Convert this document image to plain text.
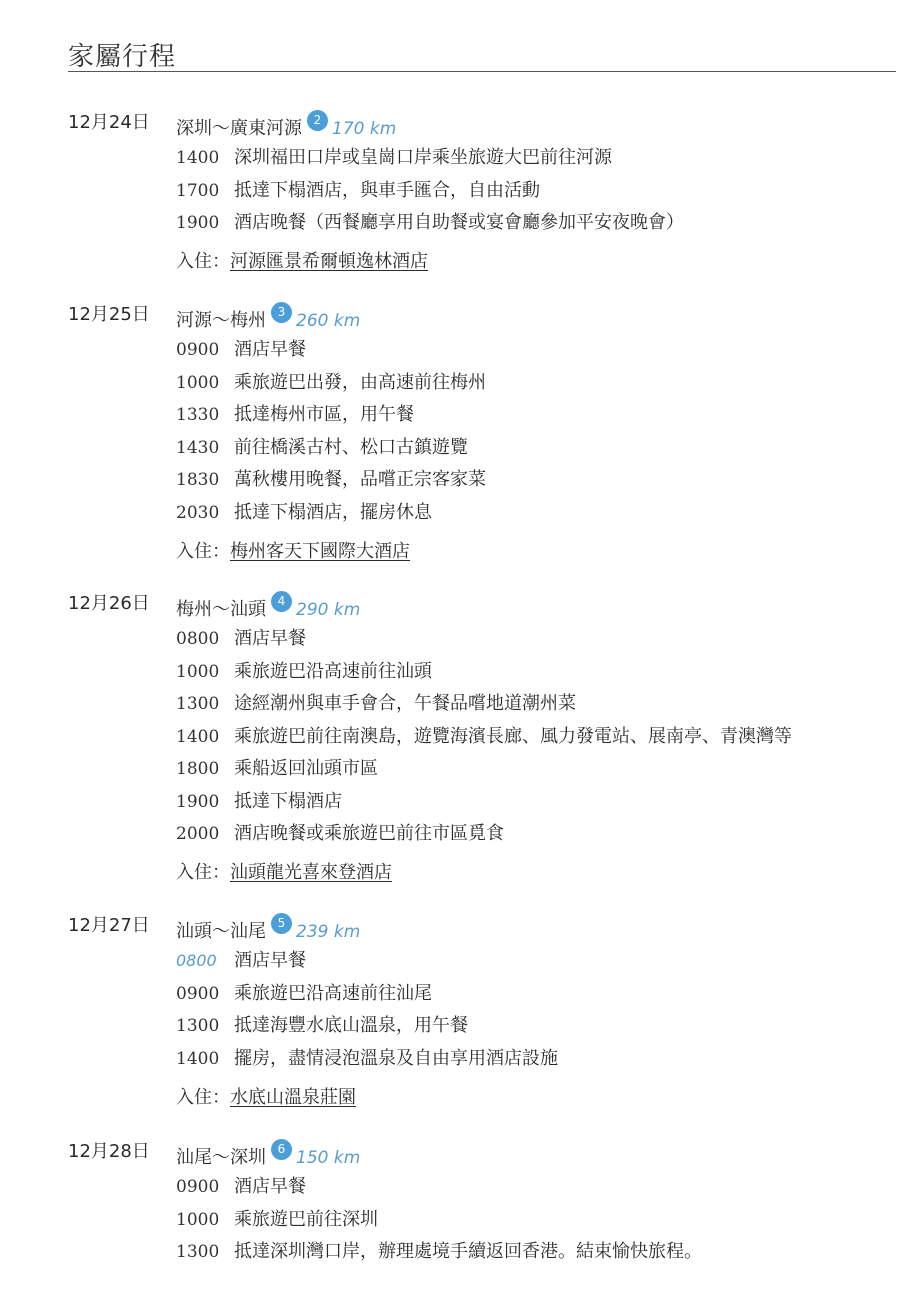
家屬行程
12月24日 深圳～廣東河源 2 170 km
1400 深圳福田口岸或皇崗口岸乘坐旅遊大巴前往河源
1700 抵達下榻酒店，與車手匯合，自由活動
1900 酒店晚餐（西餐廳享用自助餐或宴會廳參加平安夜晚會）
入住：河源匯景希爾頓逸林酒店
12月25日 河源～梅州 3 260 km
0900 酒店早餐
1000 乘旅遊巴出發，由高速前往梅州
1330 抵達梅州市區，用午餐
1430 前往橋溪古村、松口古鎮遊覽
1830 萬秋樓用晚餐，品嚐正宗客家菜
2030 抵達下榻酒店，擺房休息
入住：梅州客天下國際大酒店
12月26日 梅州～汕頭 4 290 km
0800 酒店早餐
1000 乘旅遊巴沿高速前往汕頭
1300 途經潮州與車手會合，午餐品嚐地道潮州菜
1400 乘旅遊巴前往南澳島，遊覽海濱長廊、風力發電站、展南亭、青澳灣等
1800 乘船返回汕頭市區
1900 抵達下榻酒店
2000 酒店晚餐或乘旅遊巴前往市區覓食
入住：汕頭龍光喜來登酒店
12月27日 汕頭～汕尾 5 239 km
0800 酒店早餐
0900 乘旅遊巴沿高速前往汕尾
1300 抵達海豐水底山溫泉，用午餐
1400 擺房，盡情浸泡溫泉及自由享用酒店設施
入住：水底山溫泉莊園
12月28日 汕尾～深圳 6 150 km
0900 酒店早餐
1000 乘旅遊巴前往深圳
1300 抵達深圳灣口岸，辦理處境手續返回香港。結束愉快旅程。
